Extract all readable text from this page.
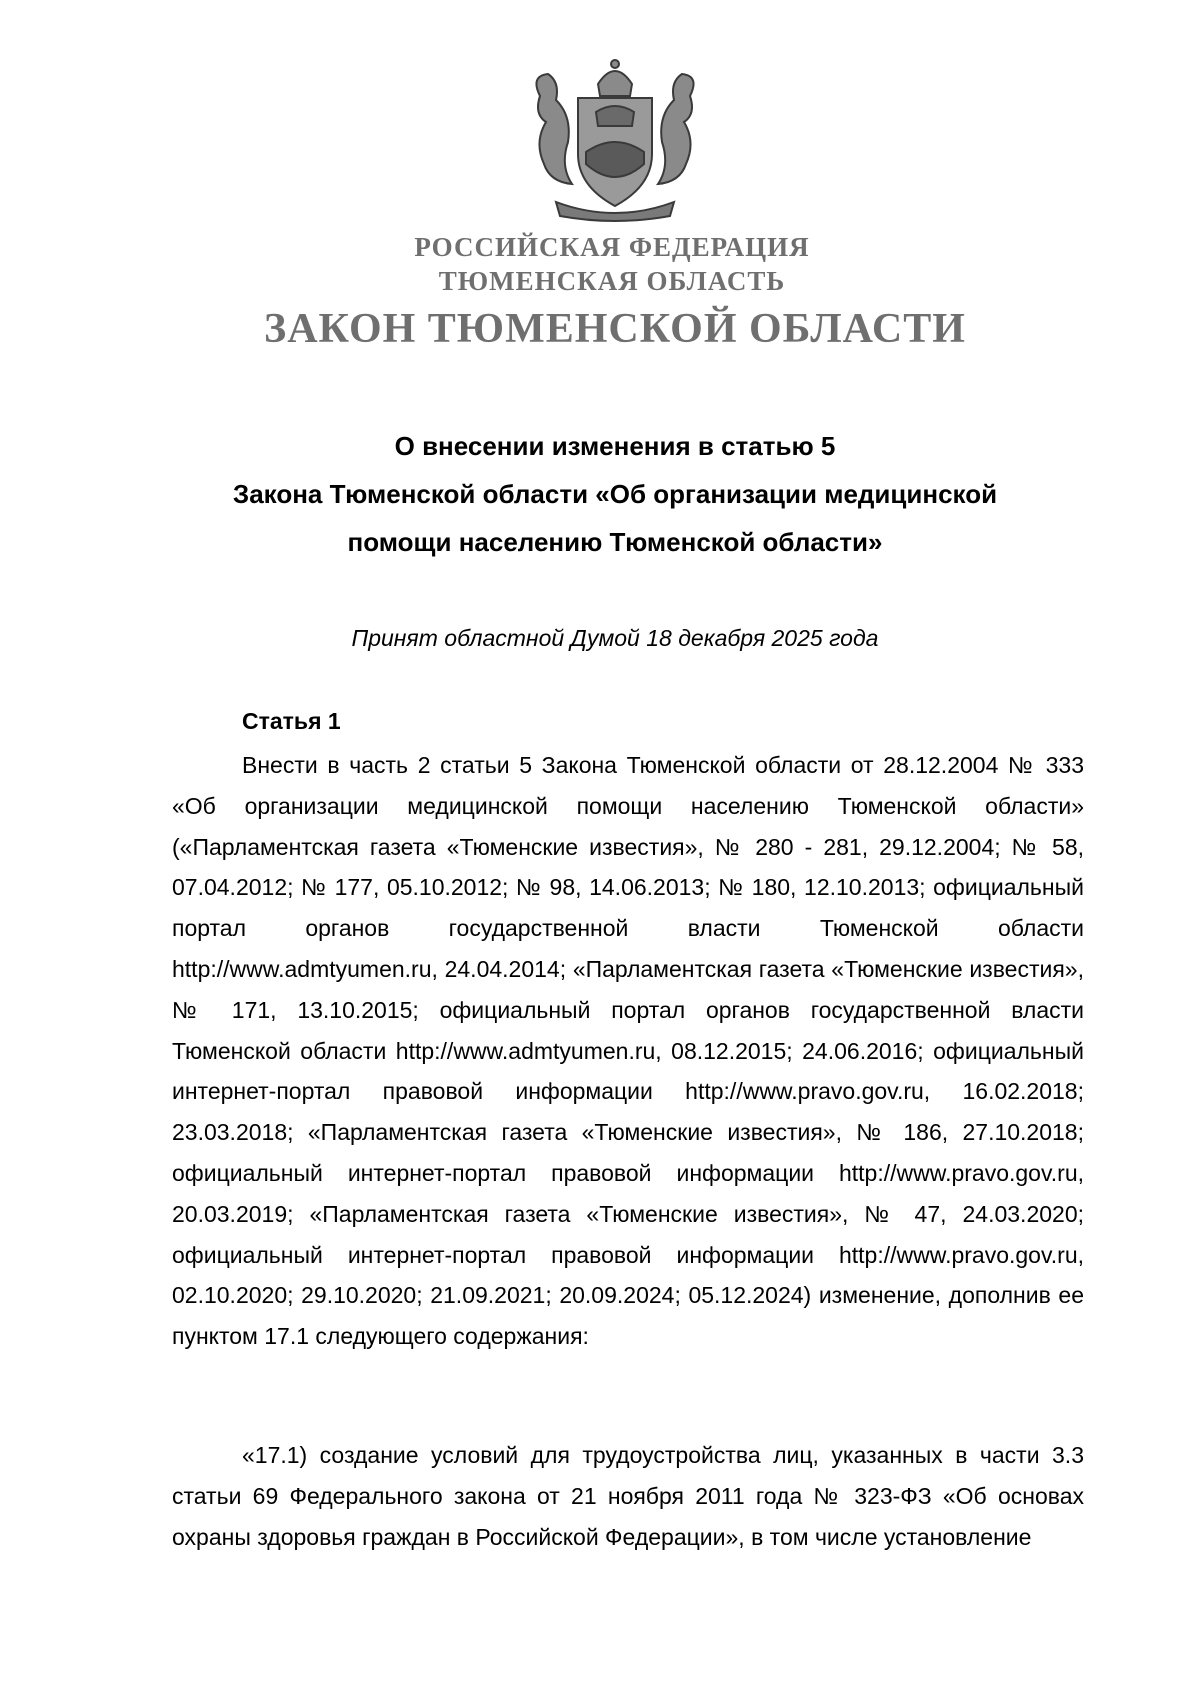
РОССИЙСКАЯ ФЕДЕРАЦИЯ
ТЮМЕНСКАЯ ОБЛАСТЬ
ЗАКОН ТЮМЕНСКОЙ ОБЛАСТИ
О внесении изменения в статью 5
Закона Тюменской области «Об организации медицинской
помощи населению Тюменской области»
Принят областной Думой 18 декабря 2025 года
Статья 1

Внести в часть 2 статьи 5 Закона Тюменской области от 28.12.2004 № 333 «Об организации медицинской помощи населению Тюменской области» («Парламентская газета «Тюменские известия», № 280 - 281, 29.12.2004; № 58, 07.04.2012; № 177, 05.10.2012; № 98, 14.06.2013; № 180, 12.10.2013; официальный портал органов государственной власти Тюменской области http://www.admtyumen.ru, 24.04.2014; «Парламентская газета «Тюменские известия», № 171, 13.10.2015; официальный портал органов государственной власти Тюменской области http://www.admtyumen.ru, 08.12.2015; 24.06.2016; официальный интернет-портал правовой информации http://www.pravo.gov.ru, 16.02.2018; 23.03.2018; «Парламентская газета «Тюменские известия», № 186, 27.10.2018; официальный интернет-портал правовой информации http://www.pravo.gov.ru, 20.03.2019; «Парламентская газета «Тюменские известия», № 47, 24.03.2020; официальный интернет-портал правовой информации http://www.pravo.gov.ru, 02.10.2020; 29.10.2020; 21.09.2021; 20.09.2024; 05.12.2024) изменение, дополнив ее пунктом 17.1 следующего содержания:

«17.1) создание условий для трудоустройства лиц, указанных в части 3.3 статьи 69 Федерального закона от 21 ноября 2011 года № 323-ФЗ «Об основах охраны здоровья граждан в Российской Федерации», в том числе установление
